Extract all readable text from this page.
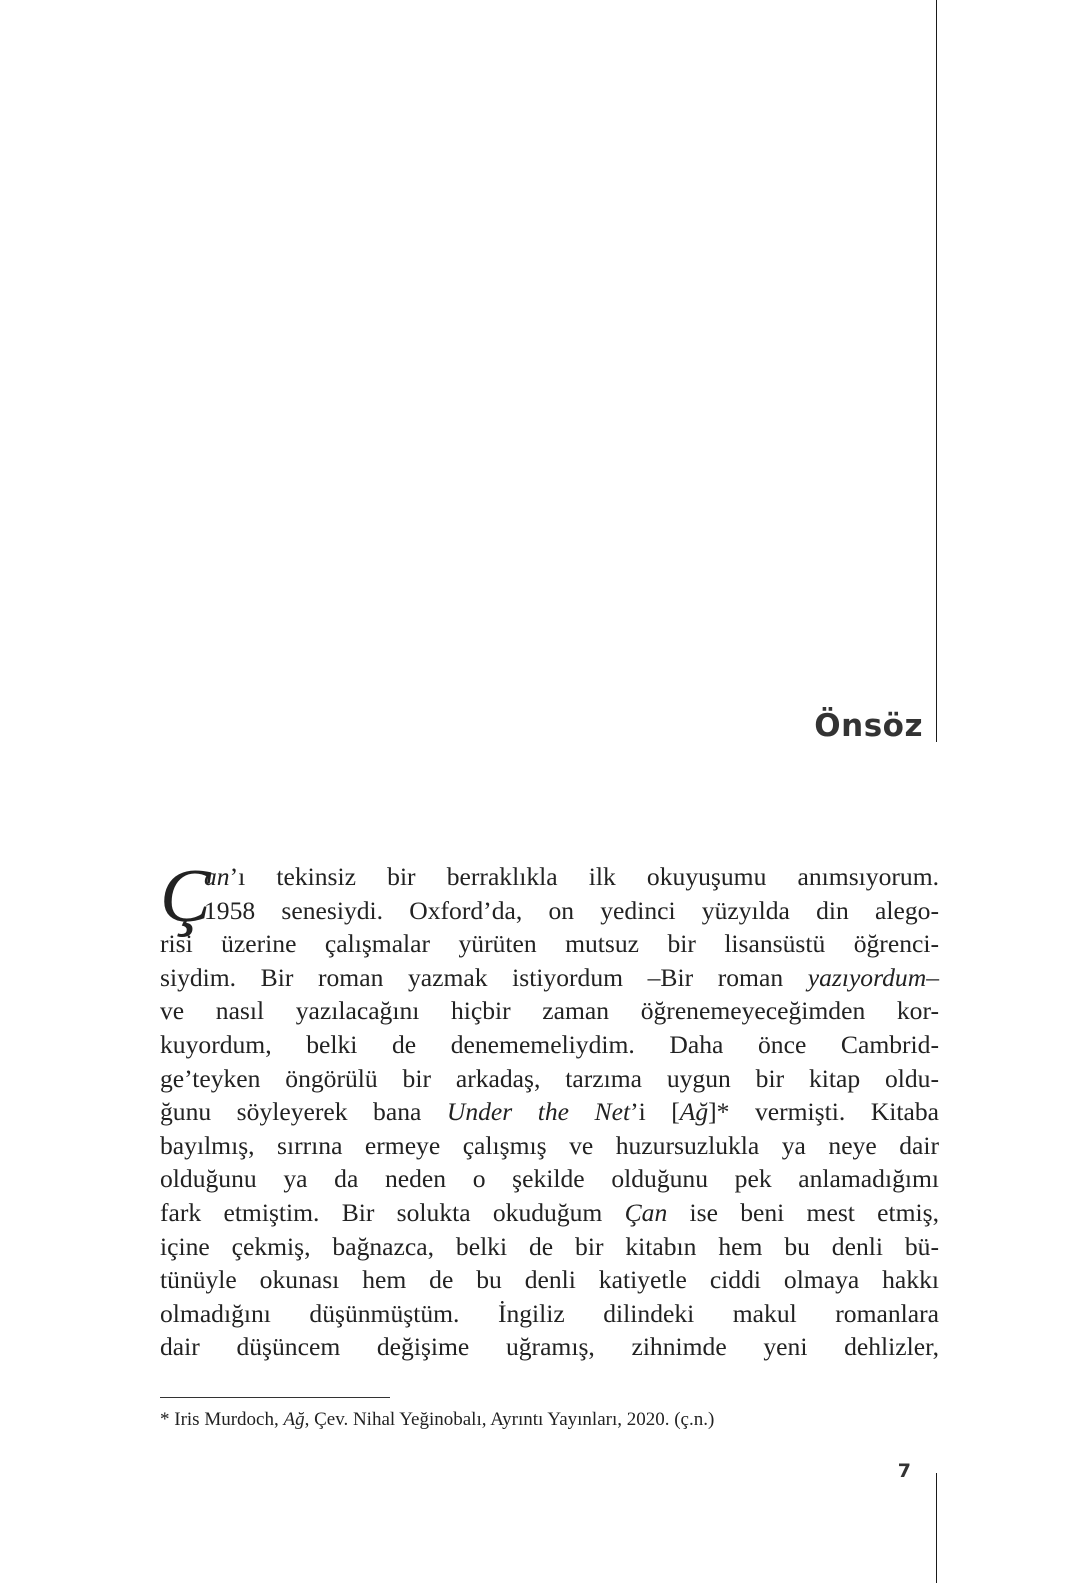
Önsöz
Ç
an’ı tekinsiz bir berraklıkla ilk okuyuşumu anımsıyorum.
1958 senesiydi. Oxford’da, on yedinci yüzyılda din alego-
risi üzerine çalışmalar yürüten mutsuz bir lisansüstü öğrenci-
siydim. Bir roman yazmak istiyordum –Bir roman yazıyordum–
ve nasıl yazılacağını hiçbir zaman öğrenemeyeceğimden kor-
kuyordum, belki de denememeliydim. Daha önce Cambrid-
ge’teyken öngörülü bir arkadaş, tarzıma uygun bir kitap oldu-
ğunu söyleyerek bana Under the Net’i [Ağ]* vermişti. Kitaba
bayılmış, sırrına ermeye çalışmış ve huzursuzlukla ya neye dair
olduğunu ya da neden o şekilde olduğunu pek anlamadığımı
fark etmiştim. Bir solukta okuduğum Çan ise beni mest etmiş,
içine çekmiş, bağnazca, belki de bir kitabın hem bu denli bü-
tünüyle okunası hem de bu denli katiyetle ciddi olmaya hakkı
olmadığını düşünmüştüm. İngiliz dilindeki makul romanlara
dair düşüncem değişime uğramış, zihnimde yeni dehlizler,

* Iris Murdoch, Ağ, Çev. Nihal Yeğinobalı, Ayrıntı Yayınları, 2020. (ç.n.)

7
